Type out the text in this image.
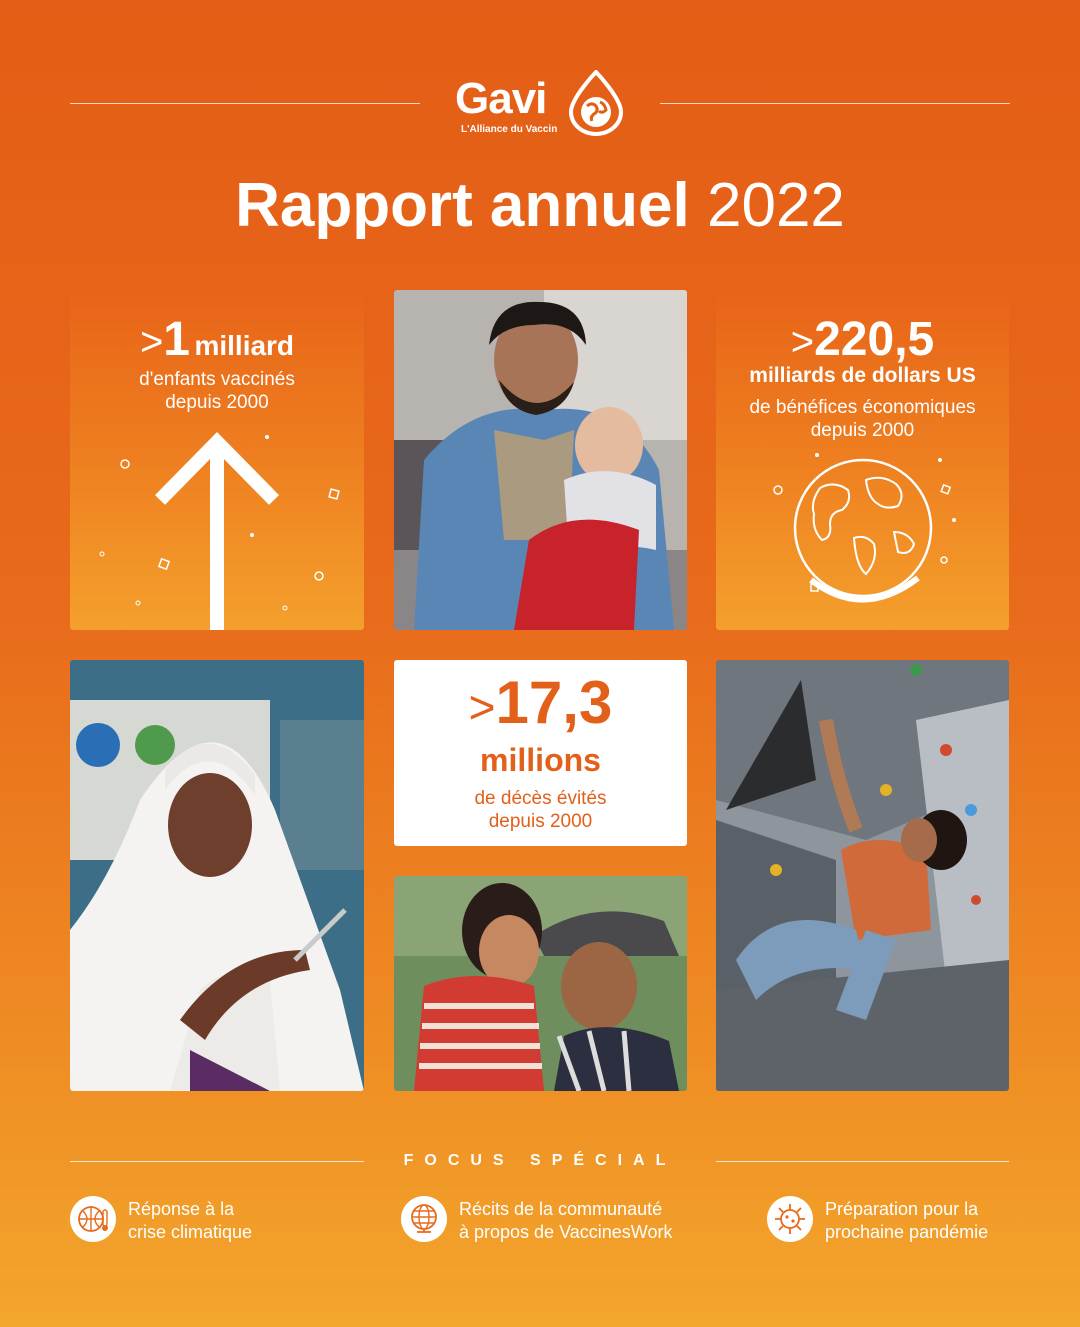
Gavi
L'Alliance du Vaccin
Rapport annuel 2022
>1 milliard
d'enfants vaccinés
depuis 2000
>220,5
milliards de dollars US
de bénéfices économiques
depuis 2000
>17,3
millions
de décès évités
depuis 2000
FOCUS SPÉCIAL
Réponse à la
crise climatique
Récits de la communauté
à propos de VaccinesWork
Préparation pour la
prochaine pandémie
